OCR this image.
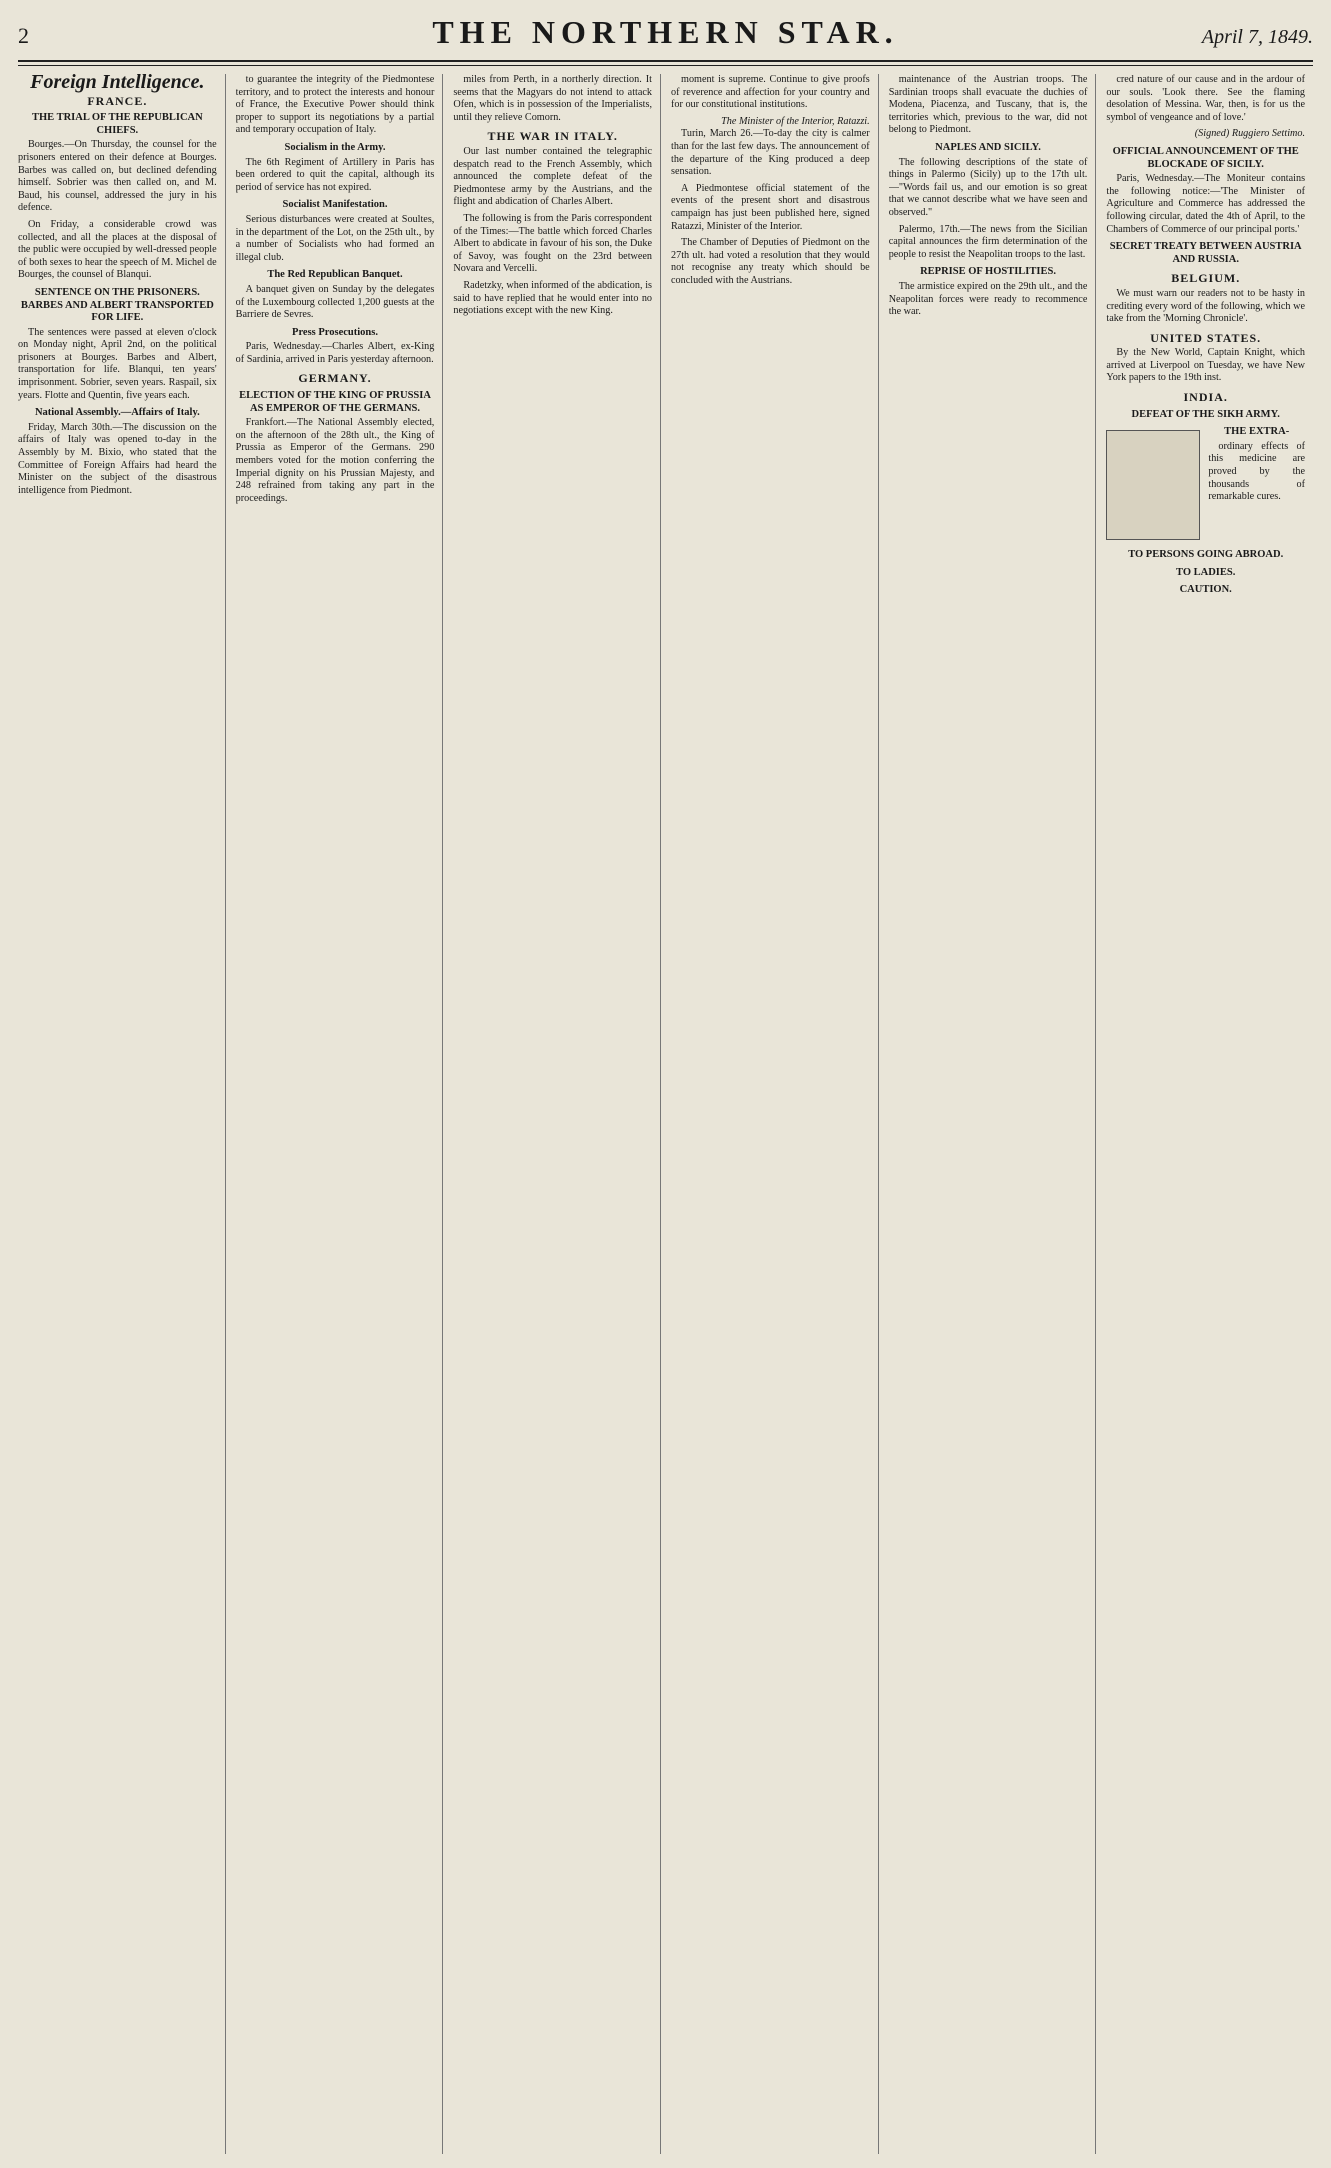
2	THE NORTHERN STAR.	April 7, 1849.
Foreign Intelligence.
FRANCE.
THE TRIAL OF THE REPUBLICAN CHIEFS.

Bourges.—On Thursday, the counsel for the prisoners entered on their defence at Bourges. Barbes was called on, but declined defending himself. Sobrier was then called on, and M. Baud, his counsel, addressed the jury in his defence.

On Friday, a considerable crowd was collected, and all the places at the disposal of the public were occupied by well-dressed people of both sexes to hear the speech of M. Michel de Bourges, the counsel of Blanqui.

SENTENCE ON THE PRISONERS. BARBES AND ALBERT TRANSPORTED FOR LIFE.

The sentences were passed at eleven o'clock on Monday night, April 2nd, on the political prisoners at Bourges. Barbes and Albert, transportation for life. Blanqui, ten years' imprisonment. Sobrier, seven years. Raspail, six years. Flotte and Quentin, five years each.

National Assembly.—Affairs of Italy.

Friday, March 30th.—The discussion on the affairs of Italy was opened to-day in the Assembly by M. Bixio, who stated that the Committee of Foreign Affairs had heard the Minister on the subject of the disastrous intelligence from Piedmont.

to guarantee the integrity of the Piedmontese territory, and to protect the interests and honour of France, the Executive Power should think proper to support its negotiations by a partial and temporary occupation of Italy.

Socialism in the Army.

The 6th Regiment of Artillery in Paris has been ordered to quit the capital, although its period of service has not expired.

Socialist Manifestation.

Serious disturbances were created at Soultes, in the department of the Lot, on the 25th ult., by a number of Socialists who had formed an illegal club.

The Red Republican Banquet.

A banquet given on Sunday by the delegates of the Luxembourg collected 1,200 guests at the Barriere de Sevres.

Press Prosecutions.

Paris, Wednesday.—Charles Albert, ex-King of Sardinia, arrived in Paris yesterday afternoon.

GERMANY.
ELECTION OF THE KING OF PRUSSIA AS EMPEROR OF THE GERMANS.

Frankfort.—The National Assembly elected, on the afternoon of the 28th ult., the King of Prussia as Emperor of the Germans. 290 members voted for the motion conferring the Imperial dignity on his Prussian Majesty, and 248 refrained from taking any part in the proceedings.

miles from Perth, in a northerly direction. It seems that the Magyars do not intend to attack Ofen, which is in possession of the Imperialists, until they relieve Comorn.

THE WAR IN ITALY.

Our last number contained the telegraphic despatch read to the French Assembly, which announced the complete defeat of the Piedmontese army by the Austrians, and the flight and abdication of Charles Albert.

The following is from the Paris correspondent of the Times:—The battle which forced Charles Albert to abdicate in favour of his son, the Duke of Savoy, was fought on the 23rd between Novara and Vercelli.

Radetzky, when informed of the abdication, is said to have replied that he would enter into no negotiations except with the new King.

moment is supreme. Continue to give proofs of reverence and affection for your country and for our constitutional institutions.

The Minister of the Interior, Ratazzi.

Turin, March 26.—To-day the city is calmer than for the last few days. The announcement of the departure of the King produced a deep sensation.

A Piedmontese official statement of the events of the present short and disastrous campaign has just been published here, signed Ratazzi, Minister of the Interior.

The Chamber of Deputies of Piedmont on the 27th ult. had voted a resolution that they would not recognise any treaty which should be concluded with the Austrians.

maintenance of the Austrian troops. The Sardinian troops shall evacuate the duchies of Modena, Piacenza, and Tuscany, that is, the territories which, previous to the war, did not belong to Piedmont.

NAPLES AND SICILY.

The following descriptions of the state of things in Palermo (Sicily) up to the 17th ult.—"Words fail us, and our emotion is so great that we cannot describe what we have seen and observed."

Palermo, 17th.—The news from the Sicilian capital announces the firm determination of the people to resist the Neapolitan troops to the last.

REPRISE OF HOSTILITIES.

The armistice expired on the 29th ult., and the Neapolitan forces were ready to recommence the war.

cred nature of our cause and in the ardour of our souls. 'Look there. See the flaming desolation of Messina. War, then, is for us the symbol of vengeance and of love.'

(Signed) Ruggiero Settimo.
OFFICIAL ANNOUNCEMENT OF THE BLOCKADE OF SICILY.

Paris, Wednesday.—The Moniteur contains the following notice:—'The Minister of Agriculture and Commerce has addressed the following circular, dated the 4th of April, to the Chambers of Commerce of our principal ports.'

SECRET TREATY BETWEEN AUSTRIA AND RUSSIA.
BELGIUM.

We must warn our readers not to be hasty in crediting every word of the following, which we take from the 'Morning Chronicle'.

UNITED STATES.

By the New World, Captain Knight, which arrived at Liverpool on Tuesday, we have New York papers to the 19th inst.

INDIA.
DEFEAT OF THE SIKH ARMY.
THE EXTRA-

ordinary effects of this medicine are proved by the thousands of remarkable cures.

TO PERSONS GOING ABROAD.
TO LADIES.
CAUTION.
